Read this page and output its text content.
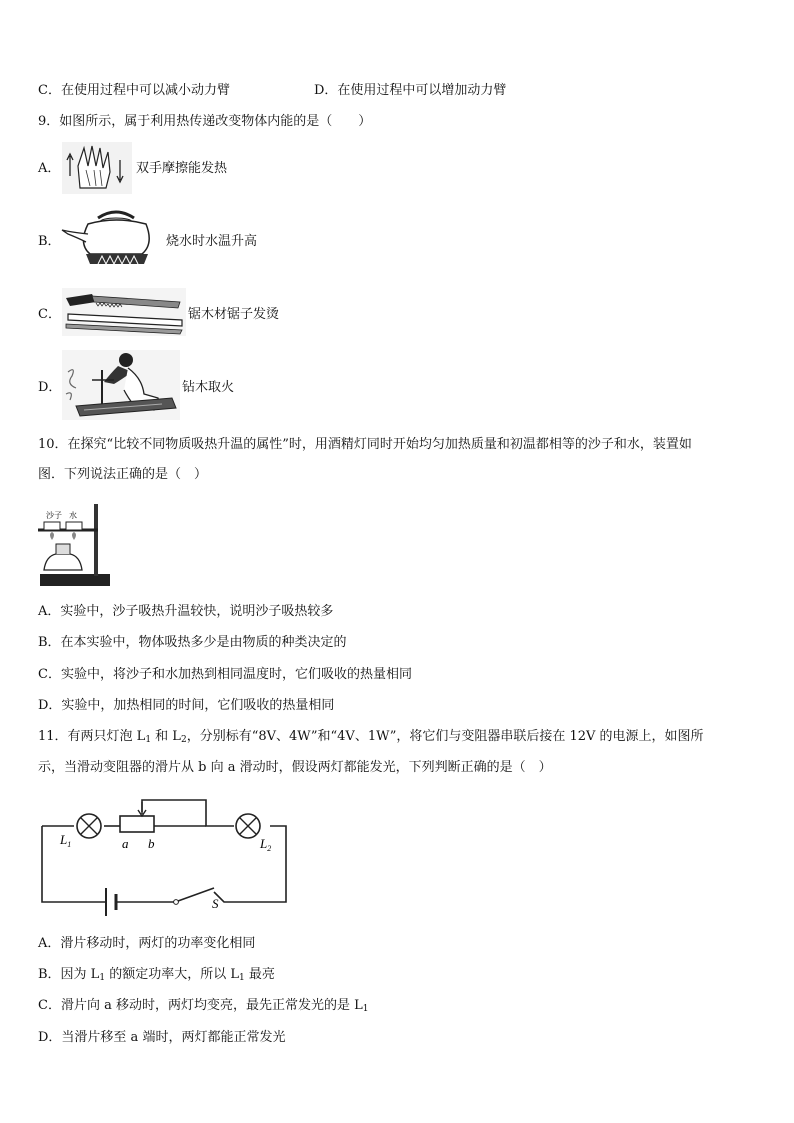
C．在使用过程中可以减小动力臂	D．在使用过程中可以增加动力臂
9．如图所示，属于利用热传递改变物体内能的是（　　）
A．	双手摩擦能发热
B．	烧水时水温升高
C．	锯木材锯子发烫
D．	钻木取火
10．在探究“比较不同物质吸热升温的属性”时，用酒精灯同时开始均匀加热质量和初温都相等的沙子和水，装置如
图．下列说法正确的是（　）
沙子 水
A．实验中，沙子吸热升温较快，说明沙子吸热较多
B．在本实验中，物体吸热多少是由物质的种类决定的
C．实验中，将沙子和水加热到相同温度时，它们吸收的热量相同
D．实验中，加热相同的时间，它们吸收的热量相同
11．有两只灯泡 $L_1$ 和 $L_2$，分别标有“8V、4W”和“4V、1W”，将它们与变阻器串联后接在 12V 的电源上，如图所
示，当滑动变阻器的滑片从 b 向 a 滑动时，假设两灯都能发光，下列判断正确的是（　）
$L_1$	a b	$L_2$
S
A．滑片移动时，两灯的功率变化相同
B．因为 $L_1$ 的额定功率大，所以 $L_1$ 最亮
C．滑片向 a 移动时，两灯均变亮，最先正常发光的是 $L_1$
D．当滑片移至 a 端时，两灯都能正常发光
